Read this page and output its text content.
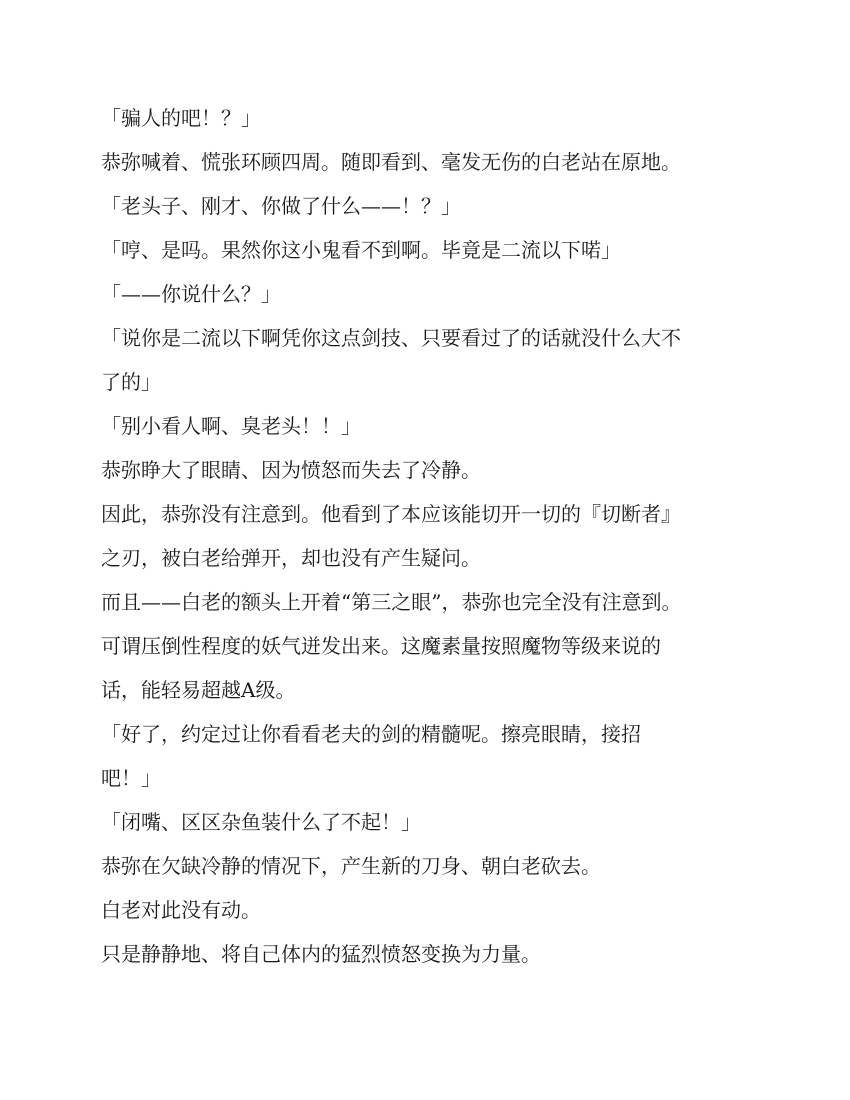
「骗人的吧！？」
恭弥喊着、慌张环顾四周。随即看到、毫发无伤的白老站在原地。
「老头子、刚才、你做了什么——！？」
「哼、是吗。果然你这小鬼看不到啊。毕竟是二流以下喏」
「——你说什么？」
「说你是二流以下啊凭你这点剑技、只要看过了的话就没什么大不
了的」
「别小看人啊、臭老头！！」
恭弥睁大了眼睛、因为愤怒而失去了冷静。
因此，恭弥没有注意到。他看到了本应该能切开一切的『切断者』
之刃，被白老给弹开，却也没有产生疑问。
而且——白老的额头上开着“第三之眼”，恭弥也完全没有注意到。
可谓压倒性程度的妖气迸发出来。这魔素量按照魔物等级来说的
话，能轻易超越A级。
「好了，约定过让你看看老夫的剑的精髓呢。擦亮眼睛，接招
吧！」
「闭嘴、区区杂鱼装什么了不起！」
恭弥在欠缺冷静的情况下，产生新的刀身、朝白老砍去。
白老对此没有动。
只是静静地、将自己体内的猛烈愤怒变换为力量。
